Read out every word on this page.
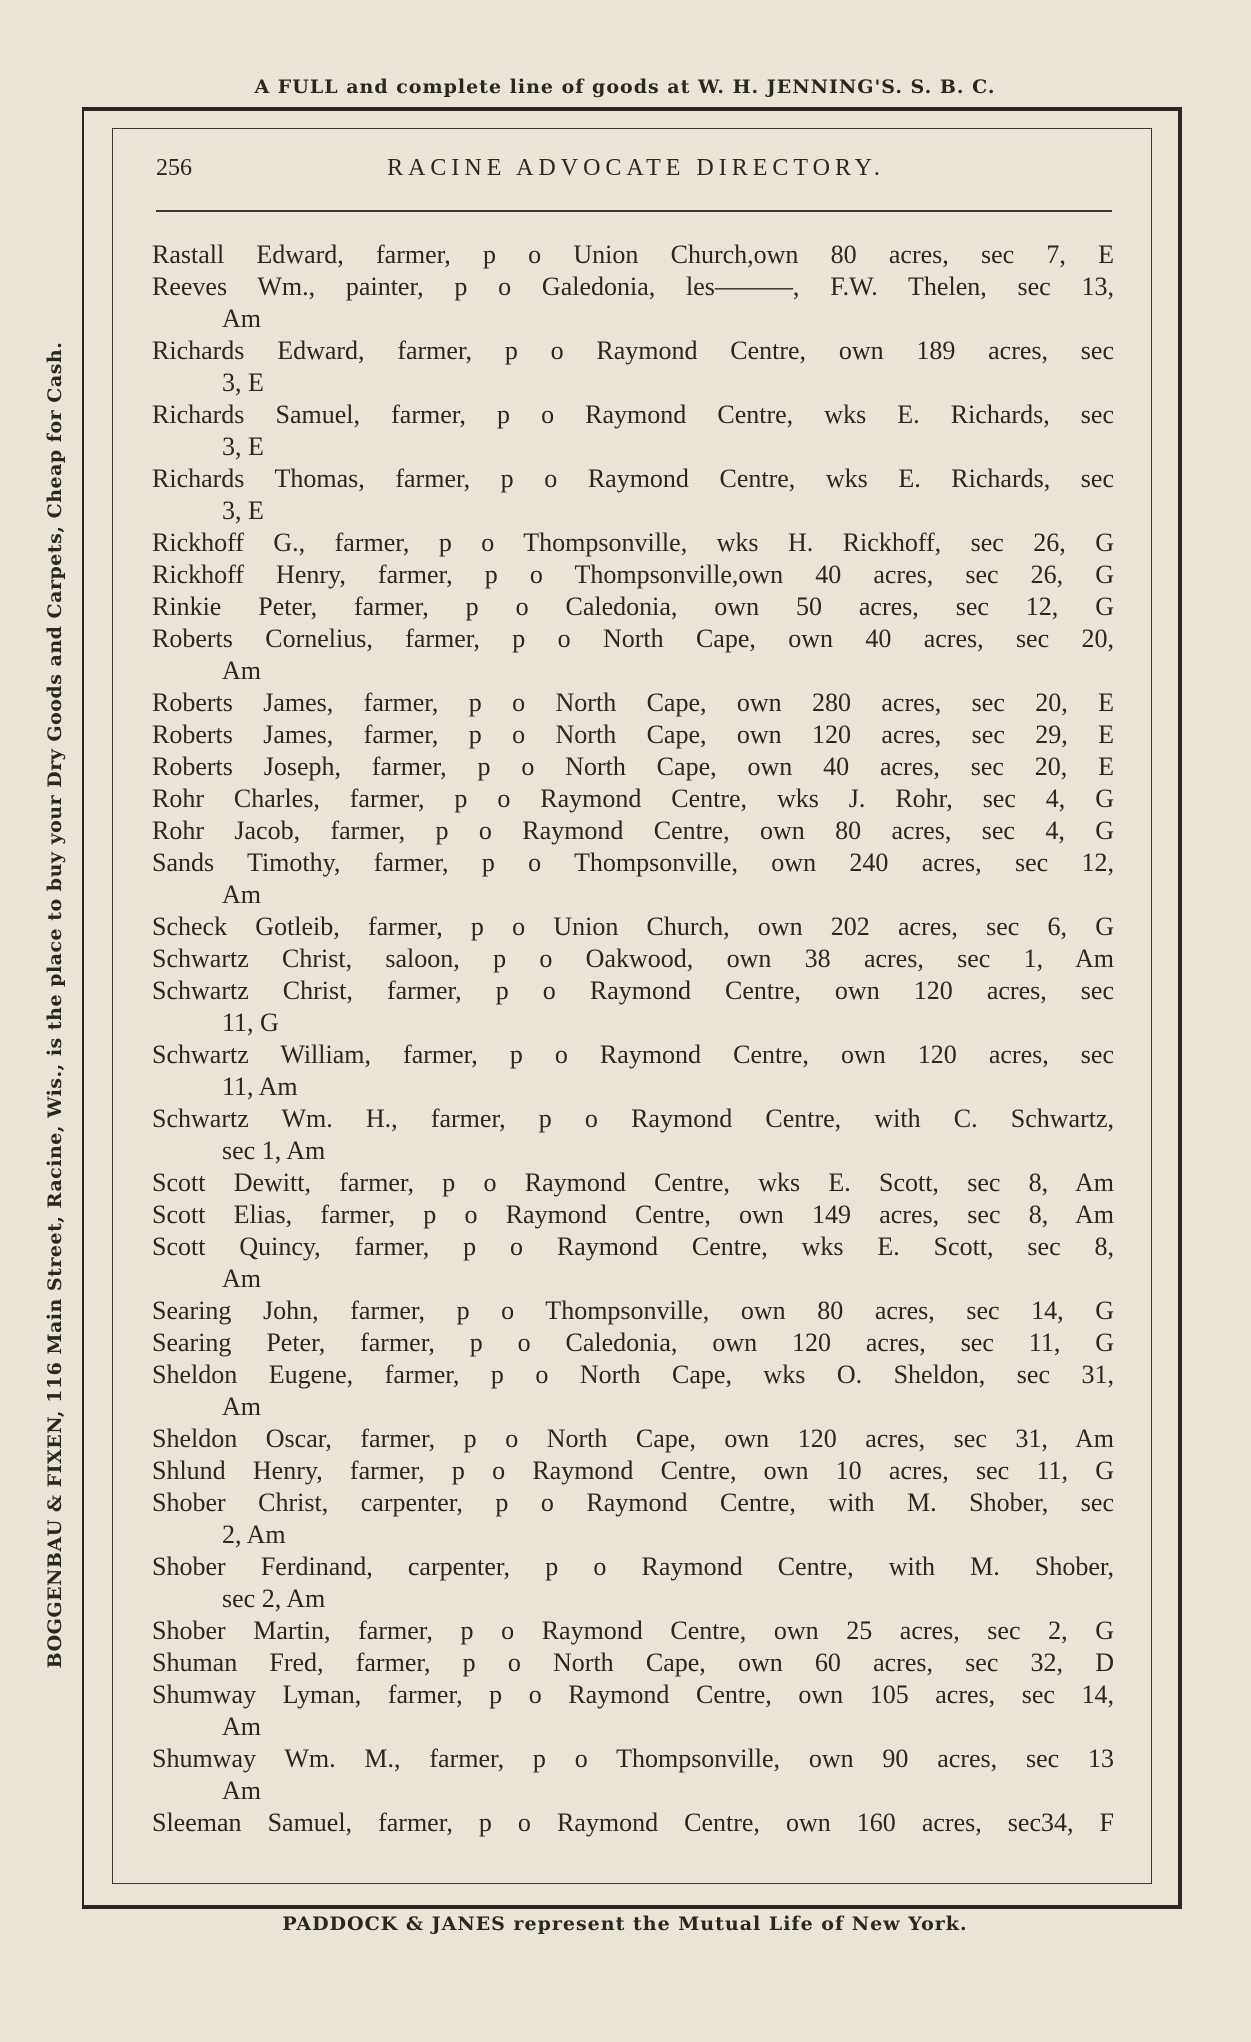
A FULL and complete line of goods at W. H. JENNING'S. S. B. C.
BOGGENBAU & FIXEN, 116 Main Street, Racine, Wis., is the place to buy your Dry Goods and Carpets, Cheap for Cash.
PADDOCK & JANES represent the Mutual Life of New York.
256	RACINE ADVOCATE DIRECTORY.
Rastall Edward, farmer, p o Union Church,own 80 acres, sec 7, E
Reeves Wm., painter, p o Galedonia, les———, F.W. Thelen, sec 13,
Am
Richards Edward, farmer, p o Raymond Centre, own 189 acres, sec
3, E
Richards Samuel, farmer, p o Raymond Centre, wks E. Richards, sec
3, E
Richards Thomas, farmer, p o Raymond Centre, wks E. Richards, sec
3, E
Rickhoff G., farmer, p o Thompsonville, wks H. Rickhoff, sec 26, G
Rickhoff Henry, farmer, p o Thompsonville,own 40 acres, sec 26, G
Rinkie Peter, farmer, p o Caledonia, own 50 acres, sec 12, G
Roberts Cornelius, farmer, p o North Cape, own 40 acres, sec 20,
Am
Roberts James, farmer, p o North Cape, own 280 acres, sec 20, E
Roberts James, farmer, p o North Cape, own 120 acres, sec 29, E
Roberts Joseph, farmer, p o North Cape, own 40 acres, sec 20, E
Rohr Charles, farmer, p o Raymond Centre, wks J. Rohr, sec 4, G
Rohr Jacob, farmer, p o Raymond Centre, own 80 acres, sec 4, G
Sands Timothy, farmer, p o Thompsonville, own 240 acres, sec 12,
Am
Scheck Gotleib, farmer, p o Union Church, own 202 acres, sec 6, G
Schwartz Christ, saloon, p o Oakwood, own 38 acres, sec 1, Am
Schwartz Christ, farmer, p o Raymond Centre, own 120 acres, sec
11, G
Schwartz William, farmer, p o Raymond Centre, own 120 acres, sec
11, Am
Schwartz Wm. H., farmer, p o Raymond Centre, with C. Schwartz,
sec 1, Am
Scott Dewitt, farmer, p o Raymond Centre, wks E. Scott, sec 8, Am
Scott Elias, farmer, p o Raymond Centre, own 149 acres, sec 8, Am
Scott Quincy, farmer, p o Raymond Centre, wks E. Scott, sec 8,
Am
Searing John, farmer, p o Thompsonville, own 80 acres, sec 14, G
Searing Peter, farmer, p o Caledonia, own 120 acres, sec 11, G
Sheldon Eugene, farmer, p o North Cape, wks O. Sheldon, sec 31,
Am
Sheldon Oscar, farmer, p o North Cape, own 120 acres, sec 31, Am
Shlund Henry, farmer, p o Raymond Centre, own 10 acres, sec 11, G
Shober Christ, carpenter, p o Raymond Centre, with M. Shober, sec
2, Am
Shober Ferdinand, carpenter, p o Raymond Centre, with M. Shober,
sec 2, Am
Shober Martin, farmer, p o Raymond Centre, own 25 acres, sec 2, G
Shuman Fred, farmer, p o North Cape, own 60 acres, sec 32, D
Shumway Lyman, farmer, p o Raymond Centre, own 105 acres, sec 14,
Am
Shumway Wm. M., farmer, p o Thompsonville, own 90 acres, sec 13
Am
Sleeman Samuel, farmer, p o Raymond Centre, own 160 acres, sec34, F
